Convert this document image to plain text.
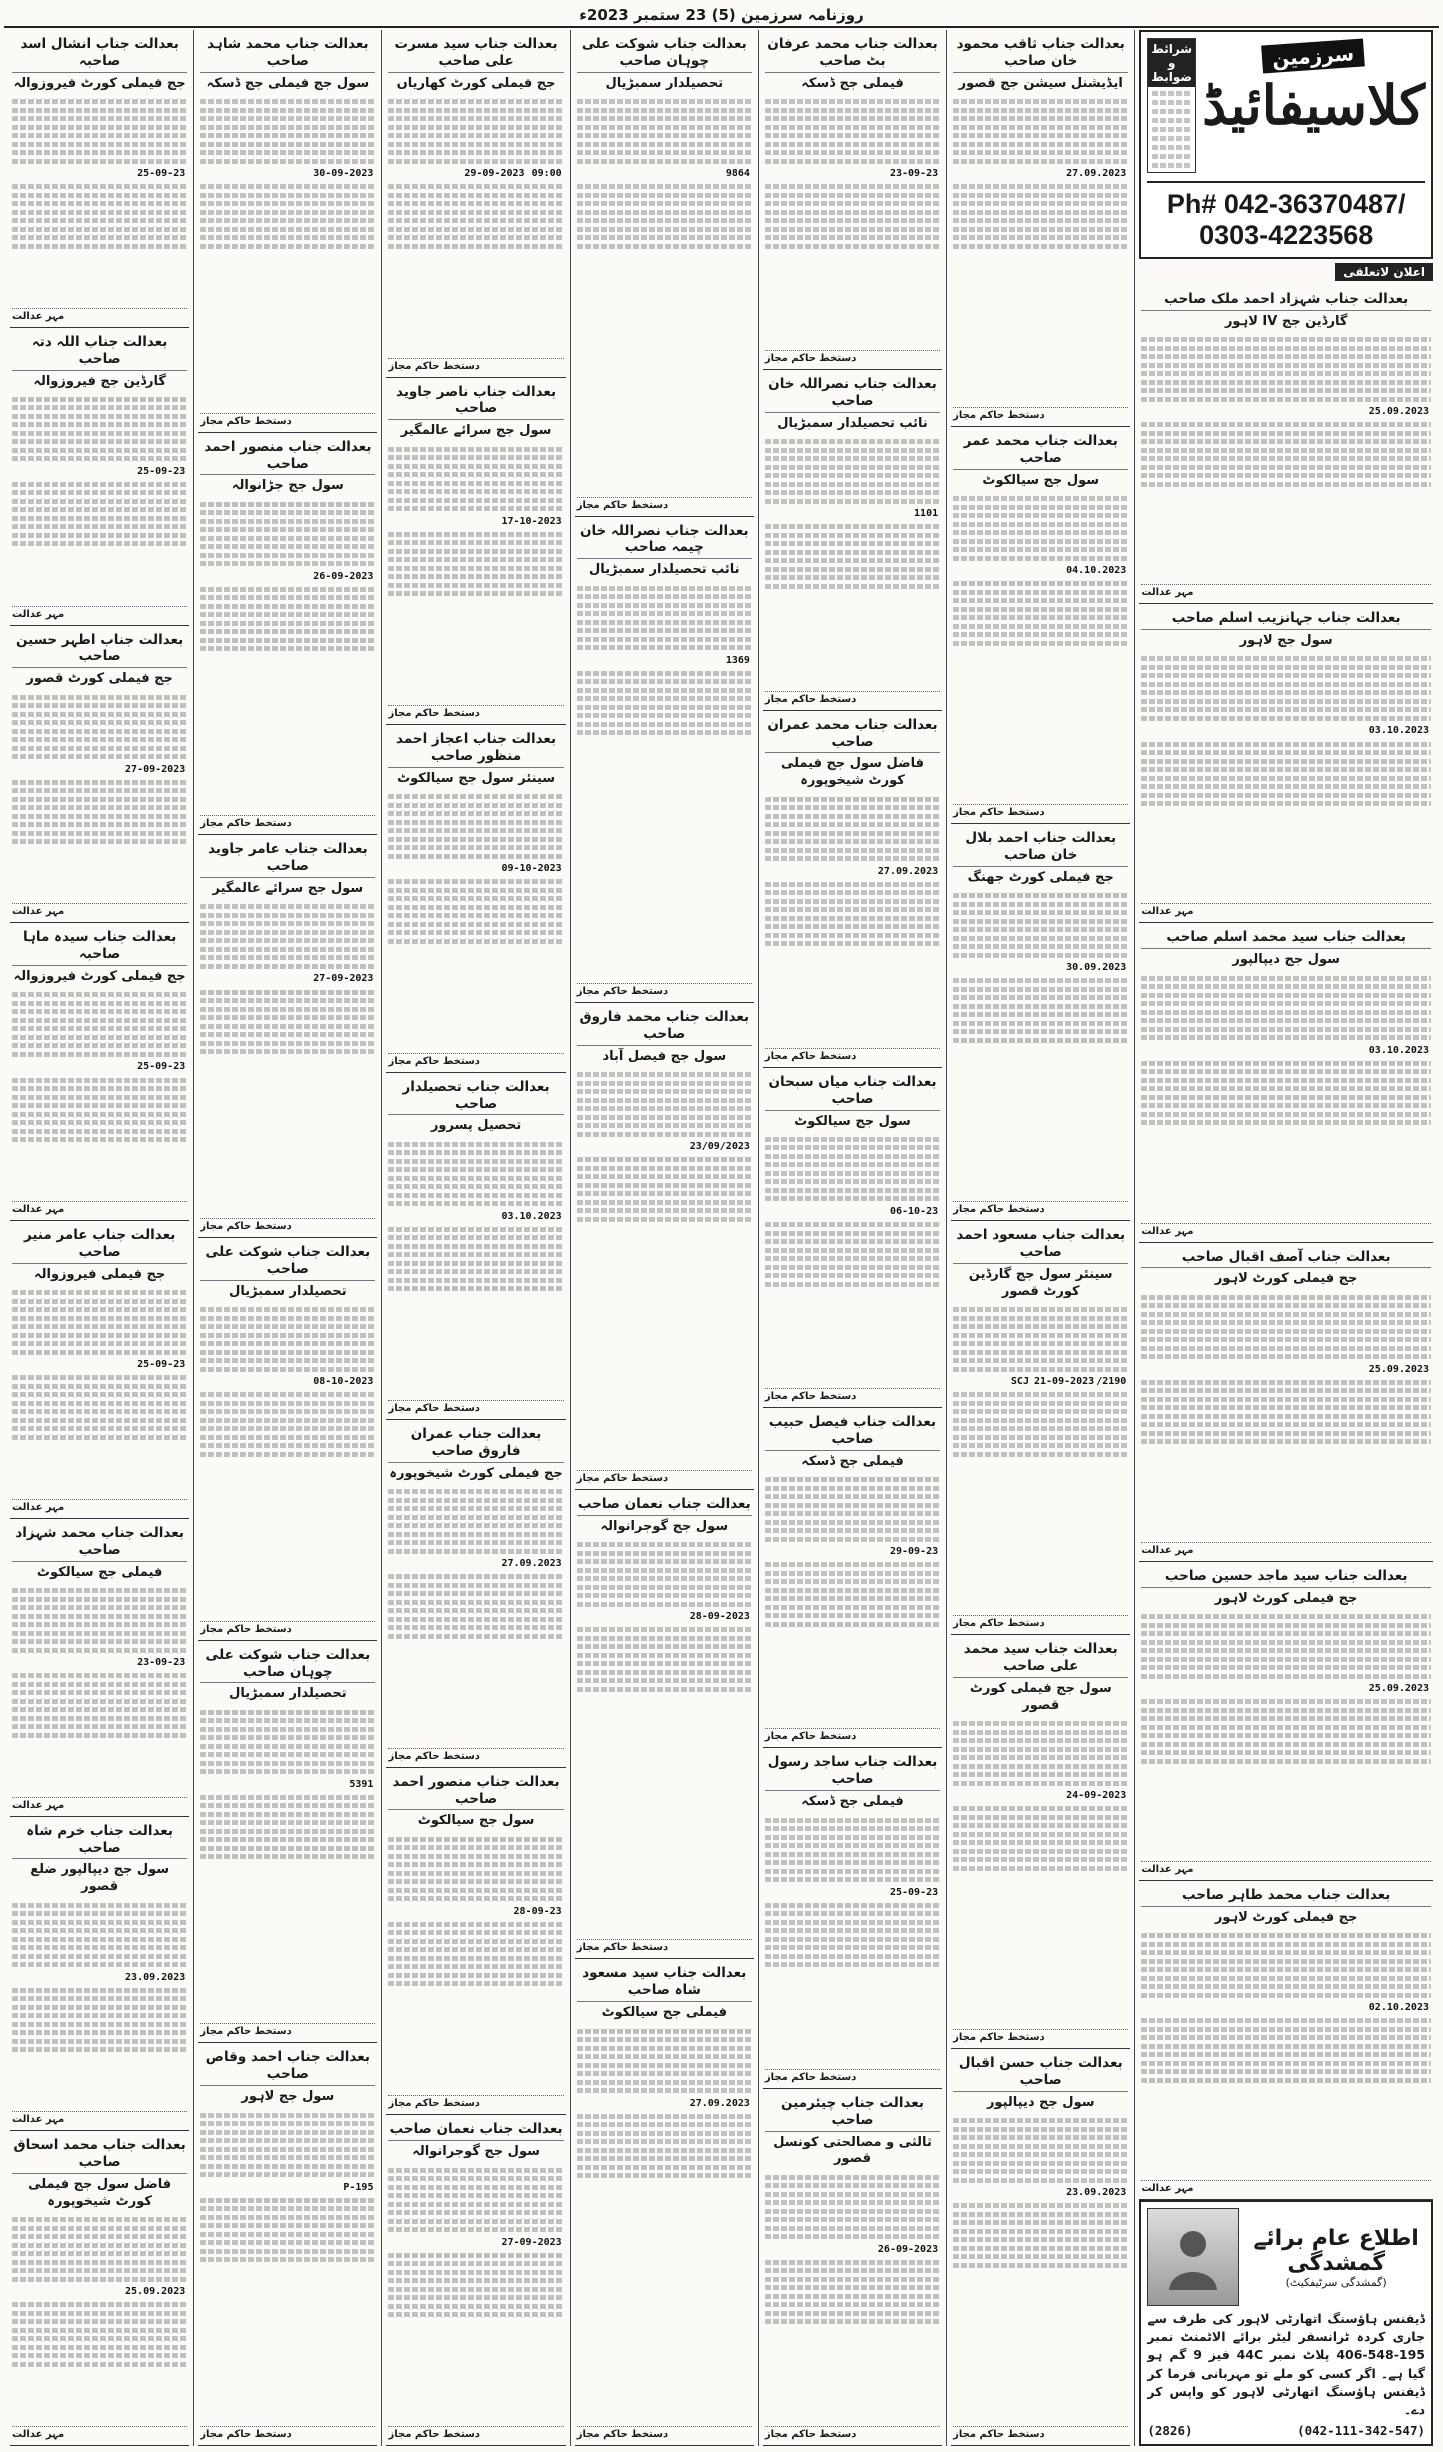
روزنامہ سرزمین (5) 23 ستمبر 2023ء
سرزمین
کلاسیفائیڈ
شرائط و ضوابط
Ph# 042-36370487/ 0303-4223568
اعلان لاتعلقی
بعدالت جناب شہزاد احمد ملک صاحب
گارڈین جج IV لاہور
25.09.2023
مہر عدالت
بعدالت جناب جہانزیب اسلم صاحب
سول جج لاہور
03.10.2023
مہر عدالت
بعدالت جناب سید محمد اسلم صاحب
سول جج دیپالپور
03.10.2023
مہر عدالت
بعدالت جناب آصف اقبال صاحب
جج فیملی کورٹ لاہور
25.09.2023
مہر عدالت
بعدالت جناب سید ماجد حسین صاحب
جج فیملی کورٹ لاہور
25.09.2023
مہر عدالت
بعدالت جناب محمد طاہر صاحب
جج فیملی کورٹ لاہور
02.10.2023
مہر عدالت
اطلاع عام برائے گمشدگی
(گمشدگی سرٹیفکیٹ)
ڈیفنس ہاؤسنگ اتھارٹی لاہور کی طرف سے جاری کردہ ٹرانسفر لیٹر برائے الاٹمنٹ نمبر 195-548-406 پلاٹ نمبر 44C فیز 9 گم ہو گیا ہے۔ اگر کسی کو ملے تو مہربانی فرما کر ڈیفنس ہاؤسنگ اتھارٹی لاہور کو واپس کر دے۔
(042-111-342-547)
(2826)
بعدالت جناب ثاقب محمود خان صاحب
ایڈیشنل سیشن جج قصور
27.09.2023
دستخط حاکم مجاز
بعدالت جناب محمد عمر صاحب
سول جج سیالکوٹ
04.10.2023
دستخط حاکم مجاز
بعدالت جناب احمد بلال خان صاحب
جج فیملی کورٹ جھنگ
30.09.2023
دستخط حاکم مجاز
بعدالت جناب مسعود احمد صاحب
سینئر سول جج گارڈین کورٹ قصور
2190/SCJ 21-09-2023
دستخط حاکم مجاز
بعدالت جناب سید محمد علی صاحب
سول جج فیملی کورٹ قصور
24-09-2023
دستخط حاکم مجاز
بعدالت جناب حسن اقبال صاحب
سول جج دیپالپور
23.09.2023
دستخط حاکم مجاز
بعدالت جناب محمد عرفان بٹ صاحب
فیملی جج ڈسکہ
23-09-23
دستخط حاکم مجاز
بعدالت جناب نصراللہ خان صاحب
نائب تحصیلدار سمبڑیال
1101
دستخط حاکم مجاز
بعدالت جناب محمد عمران صاحب
فاضل سول جج فیملی کورٹ شیخوپورہ
27.09.2023
دستخط حاکم مجاز
بعدالت جناب میاں سبحان صاحب
سول جج سیالکوٹ
06-10-23
دستخط حاکم مجاز
بعدالت جناب فیصل حبیب صاحب
فیملی جج ڈسکہ
29-09-23
دستخط حاکم مجاز
بعدالت جناب ساجد رسول صاحب
فیملی جج ڈسکہ
25-09-23
دستخط حاکم مجاز
بعدالت جناب چیئرمین صاحب
ثالثی و مصالحتی کونسل قصور
26-09-2023
دستخط حاکم مجاز
بعدالت جناب شوکت علی چوہان صاحب
تحصیلدار سمبڑیال
9864
دستخط حاکم مجاز
بعدالت جناب نصراللہ خان چیمہ صاحب
نائب تحصیلدار سمبڑیال
1369
دستخط حاکم مجاز
بعدالت جناب محمد فاروق صاحب
سول جج فیصل آباد
23/09/2023
دستخط حاکم مجاز
بعدالت جناب نعمان صاحب
سول جج گوجرانوالہ
28-09-2023
دستخط حاکم مجاز
بعدالت جناب سید مسعود شاہ صاحب
فیملی جج سیالکوٹ
27.09.2023
دستخط حاکم مجاز
بعدالت جناب سید مسرت علی صاحب
جج فیملی کورٹ کھاریاں
09:00 29-09-2023
دستخط حاکم مجاز
بعدالت جناب ناصر جاوید صاحب
سول جج سرائے عالمگیر
17-10-2023
دستخط حاکم مجاز
بعدالت جناب اعجاز احمد منظور صاحب
سینئر سول جج سیالکوٹ
09-10-2023
دستخط حاکم مجاز
بعدالت جناب تحصیلدار صاحب
تحصیل پسرور
03.10.2023
دستخط حاکم مجاز
بعدالت جناب عمران فاروق صاحب
جج فیملی کورٹ شیخوپورہ
27.09.2023
دستخط حاکم مجاز
بعدالت جناب منصور احمد صاحب
سول جج سیالکوٹ
28-09-23
دستخط حاکم مجاز
بعدالت جناب نعمان صاحب
سول جج گوجرانوالہ
27-09-2023
دستخط حاکم مجاز
بعدالت جناب محمد شاہد صاحب
سول جج فیملی جج ڈسکہ
30-09-2023
دستخط حاکم مجاز
بعدالت جناب منصور احمد صاحب
سول جج جڑانوالہ
26-09-2023
دستخط حاکم مجاز
بعدالت جناب عامر جاوید صاحب
سول جج سرائے عالمگیر
27-09-2023
دستخط حاکم مجاز
بعدالت جناب شوکت علی صاحب
تحصیلدار سمبڑیال
08-10-2023
دستخط حاکم مجاز
بعدالت جناب شوکت علی چوہان صاحب
تحصیلدار سمبڑیال
5391
دستخط حاکم مجاز
بعدالت جناب احمد وقاص صاحب
سول جج لاہور
P-195
دستخط حاکم مجاز
بعدالت جناب انشال اسد صاحبہ
جج فیملی کورٹ فیروزوالہ
25-09-23
مہر عدالت
بعدالت جناب اللہ دتہ صاحب
گارڈین جج فیروزوالہ
25-09-23
مہر عدالت
بعدالت جناب اطہر حسین صاحب
جج فیملی کورٹ قصور
27-09-2023
مہر عدالت
بعدالت جناب سیدہ ماہا صاحبہ
جج فیملی کورٹ فیروزوالہ
25-09-23
مہر عدالت
بعدالت جناب عامر منیر صاحب
جج فیملی فیروزوالہ
25-09-23
مہر عدالت
بعدالت جناب محمد شہزاد صاحب
فیملی جج سیالکوٹ
23-09-23
مہر عدالت
بعدالت جناب خرم شاہ صاحب
سول جج دیپالپور ضلع قصور
23.09.2023
مہر عدالت
بعدالت جناب محمد اسحاق صاحب
فاضل سول جج فیملی کورٹ شیخوپورہ
25.09.2023
مہر عدالت
